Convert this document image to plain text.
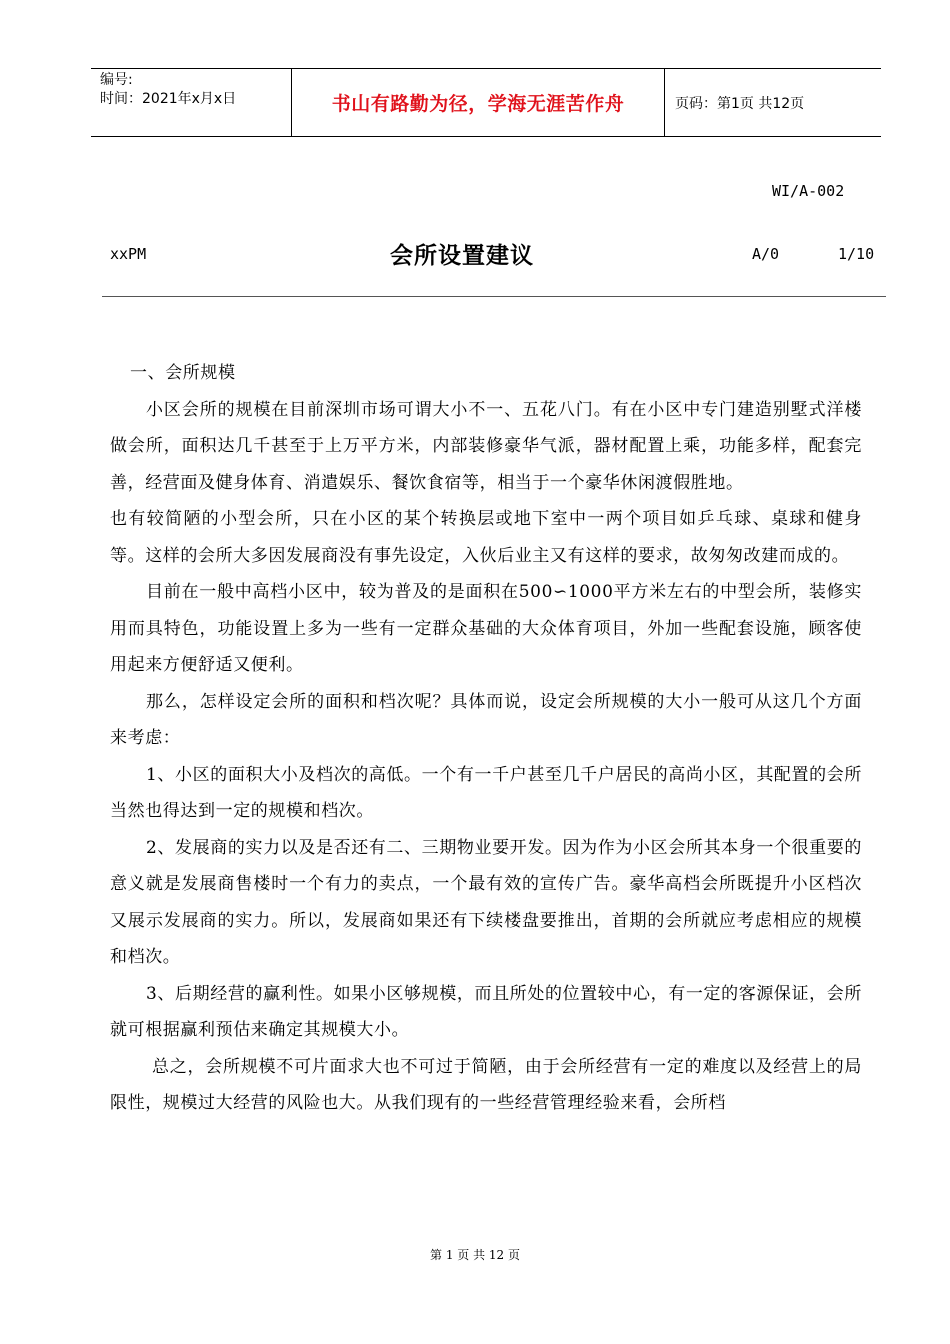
编号:
时间：2021年x月x日	书山有路勤为径，学海无涯苦作舟	页码：第1页 共12页
WI/A-002
xxPM	会所设置建议	A/0	1/10

一、会所规模

小区会所的规模在目前深圳市场可谓大小不一、五花八门。有在小区中专门建造别墅式洋楼做会所，面积达几千甚至于上万平方米，内部装修豪华气派，器材配置上乘，功能多样，配套完善，经营面及健身体育、消遣娱乐、餐饮食宿等，相当于一个豪华休闲渡假胜地。

也有较简陋的小型会所，只在小区的某个转换层或地下室中一两个项目如乒乓球、桌球和健身等。这样的会所大多因发展商没有事先设定，入伙后业主又有这样的要求，故匆匆改建而成的。

目前在一般中高档小区中，较为普及的是面积在500∽1000平方米左右的中型会所，装修实用而具特色，功能设置上多为一些有一定群众基础的大众体育项目，外加一些配套设施，顾客使用起来方便舒适又便利。

那么，怎样设定会所的面积和档次呢？具体而说，设定会所规模的大小一般可从这几个方面来考虑：

1、小区的面积大小及档次的高低。一个有一千户甚至几千户居民的高尚小区，其配置的会所当然也得达到一定的规模和档次。

2、发展商的实力以及是否还有二、三期物业要开发。因为作为小区会所其本身一个很重要的意义就是发展商售楼时一个有力的卖点，一个最有效的宣传广告。豪华高档会所既提升小区档次又展示发展商的实力。所以，发展商如果还有下续楼盘要推出，首期的会所就应考虑相应的规模和档次。

3、后期经营的赢利性。如果小区够规模，而且所处的位置较中心，有一定的客源保证，会所就可根据赢利预估来确定其规模大小。

总之，会所规模不可片面求大也不可过于简陋，由于会所经营有一定的难度以及经营上的局限性，规模过大经营的风险也大。从我们现有的一些经营管理经验来看，会所档

第 1 页 共 12 页
